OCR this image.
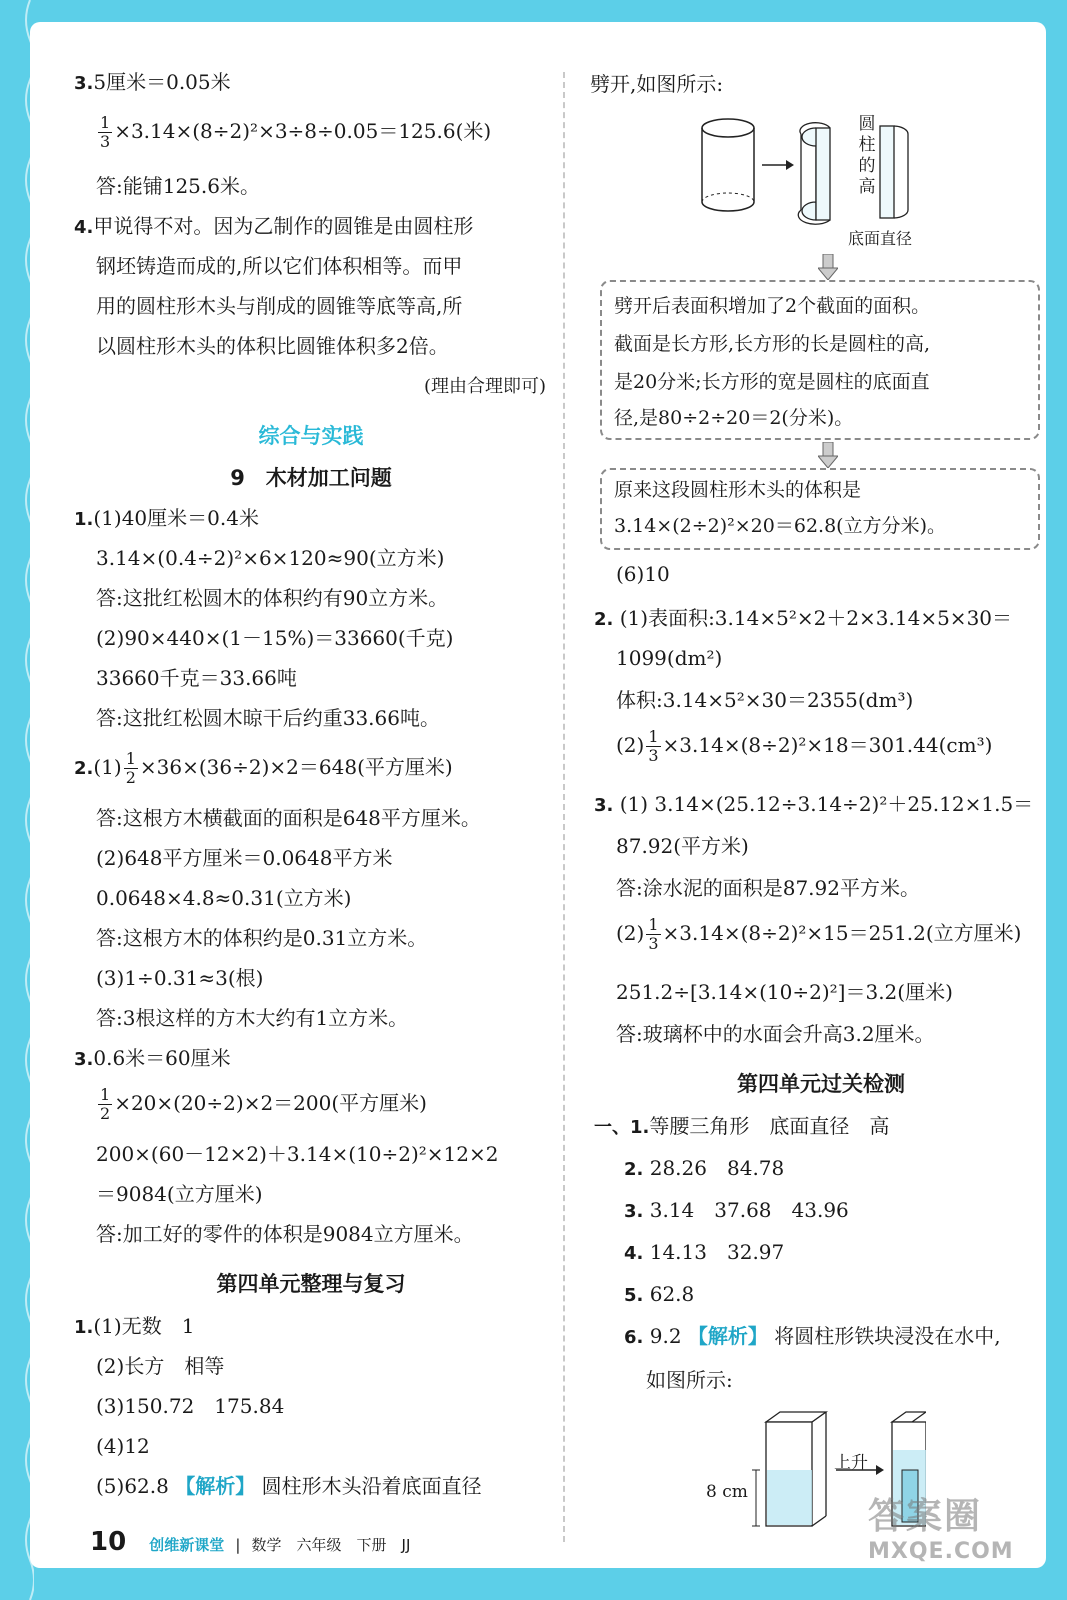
3.5厘米＝0.05米
$\frac{1}{3} \times 3.14\times(8\div 2)^2\times 3\div 8\div 0.05=125.6$(米)
答:能铺125.6米。
4.甲说得不对。因为乙制作的圆锥是由圆柱形
钢坯铸造而成的,所以它们体积相等。而甲
用的圆柱形木头与削成的圆锥等底等高,所
以圆柱形木头的体积比圆锥体积多2倍。
(理由合理即可)
综合与实践
9　木材加工问题
1.(1)40厘米＝0.4米
3.14×(0.4÷2)²×6×120≈90(立方米)
答:这批红松圆木的体积约有90立方米。
(2)90×440×(1－15%)＝33660(千克)
33660千克＝33.66吨
答:这批红松圆木晾干后约重33.66吨。
$2.(1) \frac{1}{2} \times 36\times(36\div 2)\times 2=648$(平方厘米)
答:这根方木横截面的面积是648平方厘米。
(2)648平方厘米＝0.0648平方米
0.0648×4.8≈0.31(立方米)
答:这根方木的体积约是0.31立方米。
(3)1÷0.31≈3(根)
答:3根这样的方木大约有1立方米。
3.0.6米＝60厘米
$\frac{1}{2} \times 20\times(20\div 2)\times 2=200$(平方厘米)
200×(60－12×2)＋3.14×(10÷2)²×12×2
＝9084(立方厘米)
答:加工好的零件的体积是9084立方厘米。
第四单元整理与复习
1.(1)无数　1
(2)长方　相等
(3)150.72　175.84
(4)12
(5)62.8 【解析】 圆柱形木头沿着底面直径
劈开,如图所示:
圆
柱
的
高
底面直径
劈开后表面积增加了2个截面的面积。
截面是长方形,长方形的长是圆柱的高,
是20分米;长方形的宽是圆柱的底面直
径,是80÷2÷20＝2(分米)。
原来这段圆柱形木头的体积是
3.14×(2÷2)²×20＝62.8(立方分米)。
(6)10
2. (1)表面积:3.14×5²×2＋2×3.14×5×30＝
1099(dm²)
体积:3.14×5²×30＝2355(dm³)
$(2) \frac{1}{3} \times 3.14\times(8\div 2)^2\times 18=301.44(cm^3)$
3. (1) 3.14×(25.12÷3.14÷2)²＋25.12×1.5＝
87.92(平方米)
答:涂水泥的面积是87.92平方米。
$(2) \frac{1}{3} \times 3.14\times(8\div 2)^2\times 15=251.2$(立方厘米)
251.2÷[3.14×(10÷2)²]＝3.2(厘米)
答:玻璃杯中的水面会升高3.2厘米。
第四单元过关检测
一、1.等腰三角形　底面直径　高
2. 28.26　84.78
3. 3.14　37.68　43.96
4. 14.13　32.97
5. 62.8
6. 9.2 【解析】 将圆柱形铁块浸没在水中,
如图所示:
8 cm
上升
10 创维新课堂 | 数学　六年级　下册　JJ
答案圈
MXQE.COM
